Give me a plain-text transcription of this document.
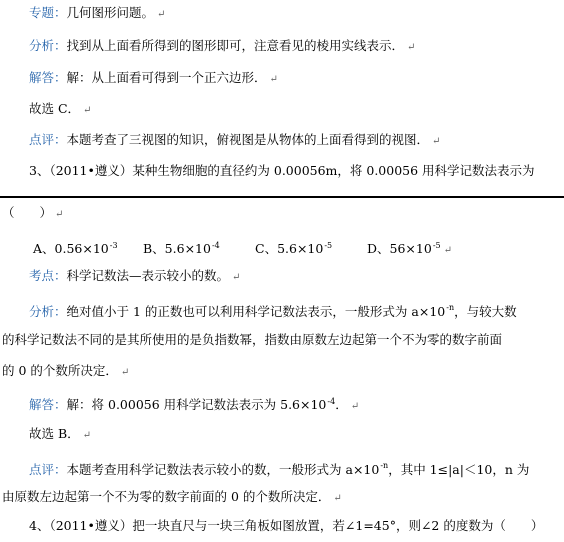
专题：几何图形问题。 ↵
分析：找到从上面看所得到的图形即可，注意看见的棱用实线表示． ↵
解答：解：从上面看可得到一个正六边形． ↵
故选 C． ↵
点评：本题考查了三视图的知识，俯视图是从物体的上面看得到的视图． ↵
3、（2011•遵义）某种生物细胞的直径约为 0.00056m，将 0.00056 用科学记数法表示为
（　　） ↵
A、$0.56\times 10^{-3}$ B、$5.6\times 10^{-4}$	C、$5.6\times 10^{-5}$	D、$56\times 10^{-5}$ ↵
考点：科学记数法—表示较小的数。 ↵
分析：绝对值小于 1 的正数也可以利用科学记数法表示，一般形式为 $a\times 10^{-n}$，与较大数
的科学记数法不同的是其所使用的是负指数幂，指数由原数左边起第一个不为零的数字前面
的 0 的个数所决定． ↵
解答：解：将 0.00056 用科学记数法表示为 $5.6\times 10^{-4}$． ↵
故选 B． ↵
点评：本题考查用科学记数法表示较小的数，一般形式为 $a\times 10^{-n}$，其中 1≤|a|＜10，n 为
由原数左边起第一个不为零的数字前面的 0 的个数所决定． ↵
4、（2011•遵义）把一块直尺与一块三角板如图放置，若∠1=45°，则∠2 的度数为（　　）
